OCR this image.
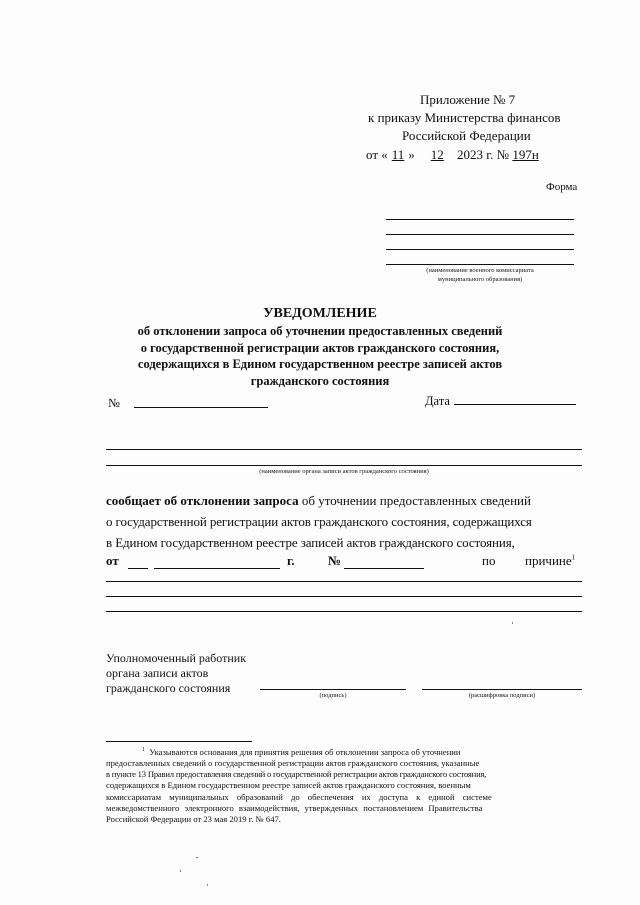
Приложение № 7
к приказу Министерства финансов
Российской Федерации
от « 11 » 12 2023 г. № 197н
Форма
(наименование военного комиссариата
муниципального образования)
УВЕДОМЛЕНИЕ
об отклонении запроса об уточнении предоставленных сведений
о государственной регистрации актов гражданского состояния,
содержащихся в Едином государственном реестре записей актов
гражданского состояния
№	Дата
(наименование органа записи актов гражданского состояния)
сообщает об отклонении запроса об уточнении предоставленных сведений
о государственной регистрации актов гражданского состояния, содержащихся
в Едином государственном реестре записей актов гражданского состояния,
от	г.	№	по причине$^1$
Уполномоченный работник
органа записи актов
гражданского состояния
(подпись)	(расшифровка подписи)
$^1$ Указываются основания для принятия решения об отклонении запроса об уточнении
предоставленных сведений о государственной регистрации актов гражданского состояния, указанные
в пункте 13 Правил предоставления сведений о государственной регистрации актов гражданского состояния,
содержащихся в Едином государственном реестре записей актов гражданского состояния, военным
комиссариатам муниципальных образований до обеспечения их доступа к единой системе
межведомственного электронного взаимодействия, утвержденных постановлением Правительства
Российской Федерации от 23 мая 2019 г. № 647.
